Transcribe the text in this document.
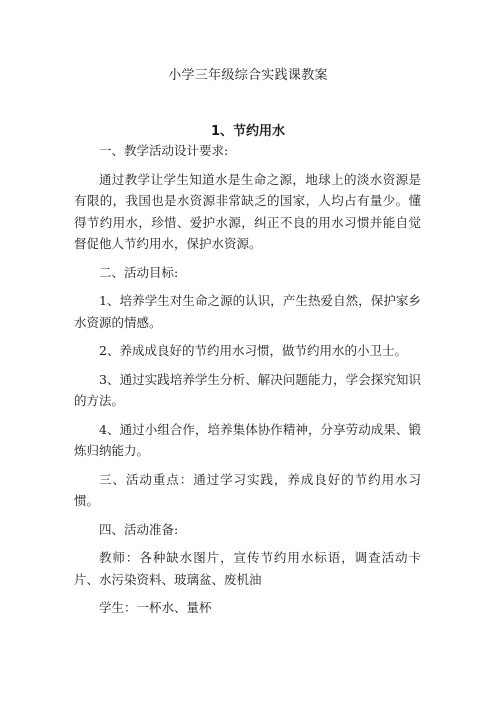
小学三年级综合实践课教案
1、节约用水

一、教学活动设计要求:

通过教学让学生知道水是生命之源，地球上的淡水资源是有限的，我国也是水资源非常缺乏的国家，人均占有量少。懂得节约用水，珍惜、爱护水源，纠正不良的用水习惯并能自觉督促他人节约用水，保护水资源。

二、活动目标:

1、培养学生对生命之源的认识，产生热爱自然，保护家乡水资源的情感。

2、养成成良好的节约用水习惯，做节约用水的小卫士。

3、通过实践培养学生分析、解决问题能力，学会探究知识的方法。

4、通过小组合作，培养集体协作精神，分享劳动成果、锻炼归纳能力。

三、活动重点：通过学习实践，养成良好的节约用水习惯。

四、活动准备:

教师：各种缺水图片，宣传节约用水标语，调查活动卡片、水污染资料、玻璃盆、废机油

学生：一杯水、量杯
